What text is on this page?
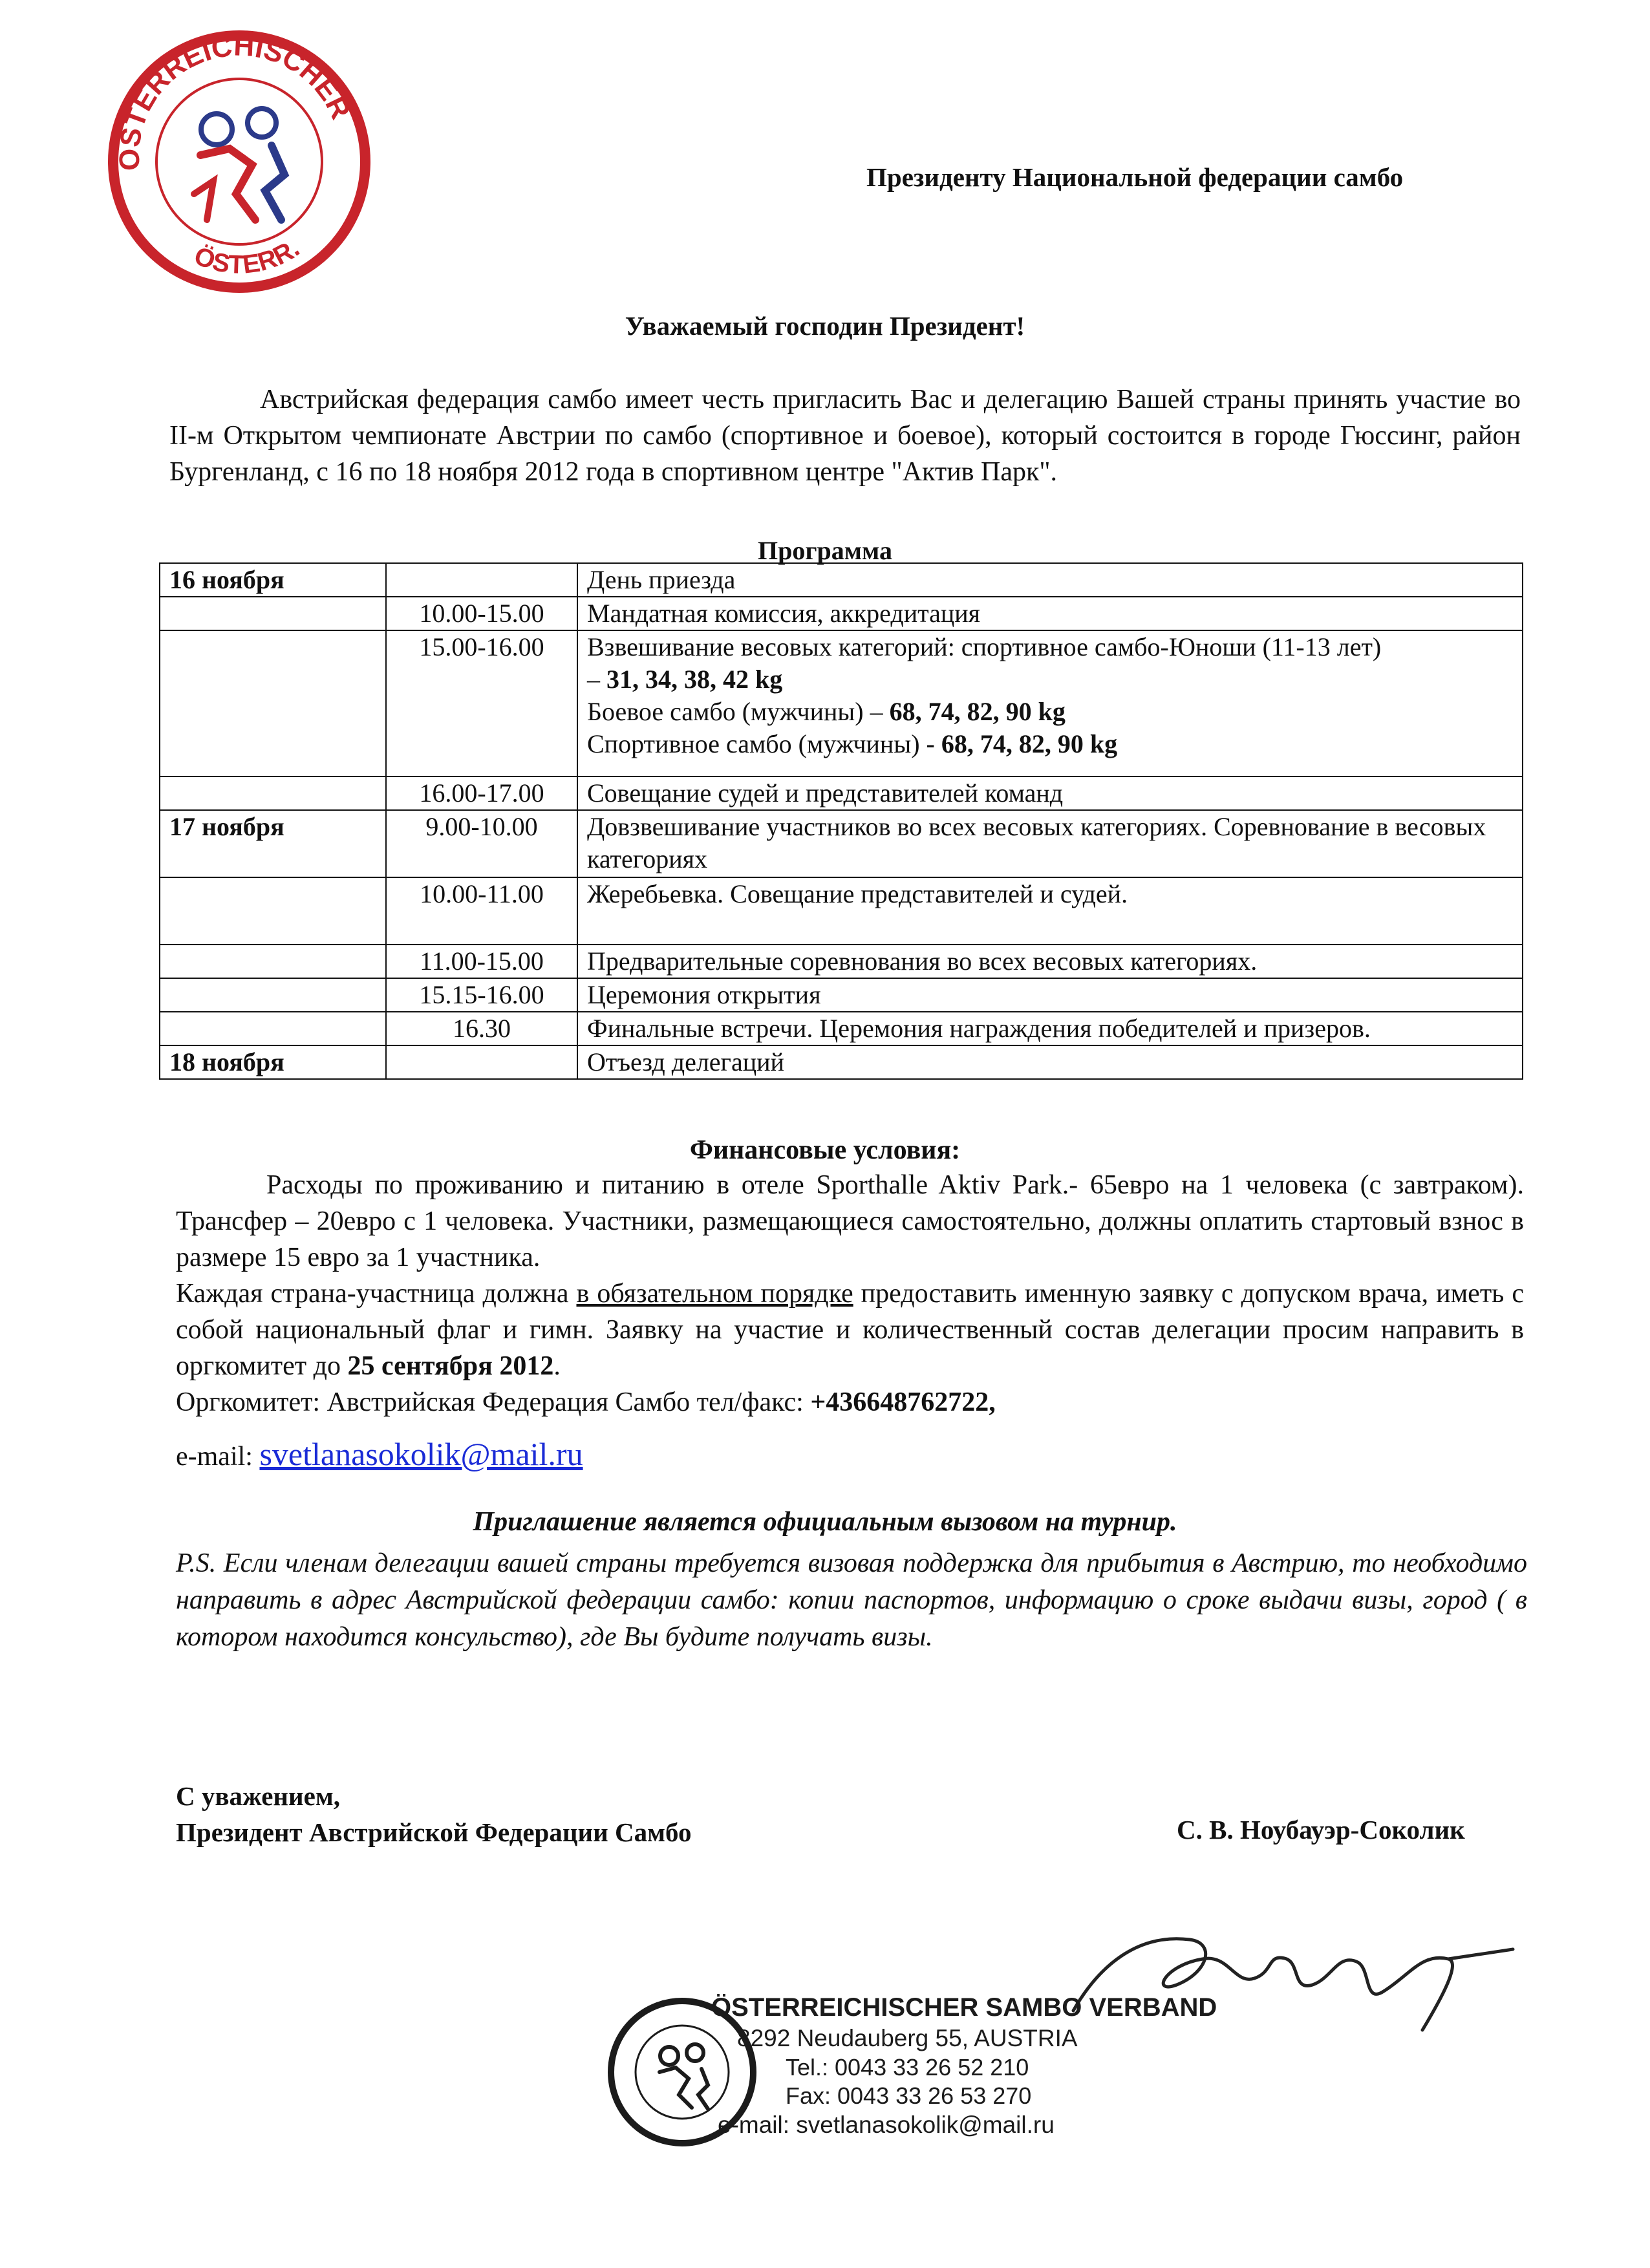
ÖSTERREICHISCHER
ÖSTERR.
Президенту Национальной федерации самбо
Уважаемый господин Президент!
Австрийская федерация самбо имеет честь пригласить Вас и делегацию Вашей страны принять участие во II-м Открытом чемпионате Австрии по самбо (спортивное и боевое), который состоится в городе Гюссинг, район Бургенланд, с 16 по 18 ноября 2012 года в спортивном центре "Актив Парк".
Программа
16 ноября		День приезда
	10.00-15.00	Мандатная комиссия, аккредитация
	15.00-16.00	Взвешивание весовых категорий: спортивное самбо-Юноши (11-13 лет)
– 31, 34, 38, 42 kg
Боевое самбо (мужчины) – 68, 74, 82, 90 kg
Спортивное самбо (мужчины) - 68, 74, 82, 90 kg

	16.00-17.00	Совещание судей и представителей команд
17 ноября	9.00-10.00	Довзвешивание участников во всех весовых категориях. Соревнование в весовых категориях
	10.00-11.00	Жеребьевка. Совещание представителей и судей.
	11.00-15.00	Предварительные соревнования во всех весовых категориях.
	15.15-16.00	Церемония открытия
	16.30	Финальные встречи. Церемония награждения победителей и призеров.
18 ноября		Отъезд делегаций
Финансовые условия:
Расходы по проживанию и питанию в отеле Sporthalle Aktiv Park.- 65евро на 1 человека (с завтраком). Трансфер – 20евро с 1 человека. Участники, размещающиеся самостоятельно, должны оплатить стартовый взнос в размере 15 евро за 1 участника.
Каждая страна-участница должна в обязательном порядке предоставить именную заявку с допуском врача, иметь с собой национальный флаг и гимн. Заявку на участие и количественный состав делегации просим направить в оргкомитет до 25 сентября 2012.
Оргкомитет: Австрийская Федерация Самбо тел/факс: +436648762722,
e-mail: svetlanasokolik@mail.ru
Приглашение является официальным вызовом на турнир.
P.S. Если членам делегации вашей страны требуется визовая поддержка для прибытия в Австрию, то необходимо направить в адрес Австрийской федерации самбо: копии паспортов, информацию о сроке выдачи визы, город ( в котором находится консульство), где Вы будите получать визы.
С уважением,
Президент Австрийской Федерации Самбо	С. В. Ноубауэр-Соколик
ÖSTERREICHISCHER SAMBO VERBAND
8292 Neudauberg 55, AUSTRIA
Tel.: 0043 33 26 52 210
Fax: 0043 33 26 53 270
e-mail: svetlanasokolik@mail.ru
